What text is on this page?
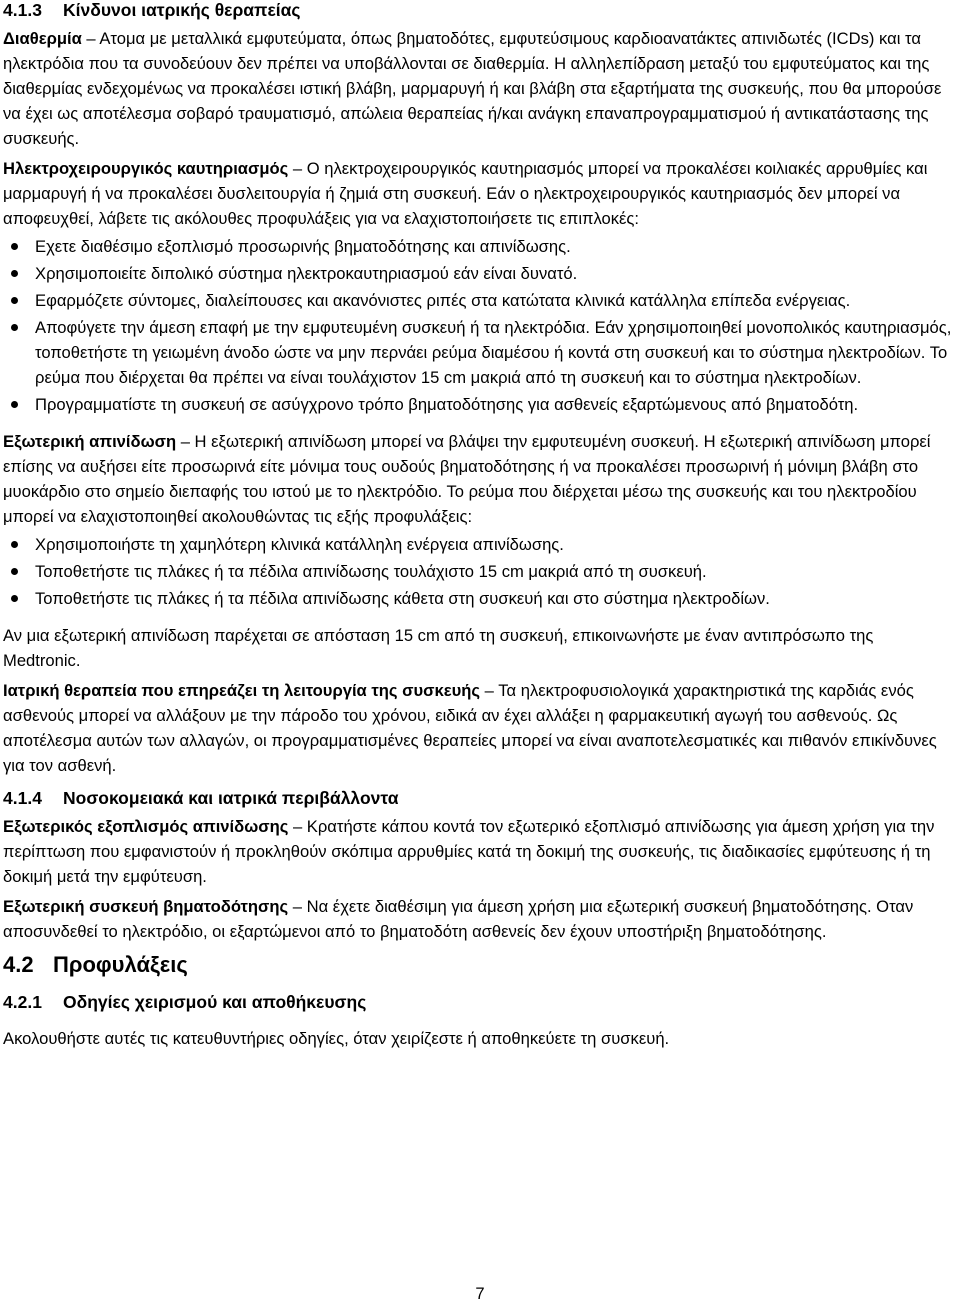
4.1.3 Κίνδυνοι ιατρικής θεραπείας

Διαθερμία – Ατομα με μεταλλικά εμφυτεύματα, όπως βηματοδότες, εμφυτεύσιμους καρδιοανατάκτες απινιδωτές (ICDs) και τα ηλεκτρόδια που τα συνοδεύουν δεν πρέπει να υποβάλλονται σε διαθερμία. Η αλληλεπίδραση μεταξύ του εμφυτεύματος και της διαθερμίας ενδεχομένως να προκαλέσει ιστική βλάβη, μαρμαρυγή ή και βλάβη στα εξαρτήματα της συσκευής, που θα μπορούσε να έχει ως αποτέλεσμα σοβαρό τραυματισμό, απώλεια θεραπείας ή/και ανάγκη επαναπρογραμματισμού ή αντικατάστασης της συσκευής.

Ηλεκτροχειρουργικός καυτηριασμός – Ο ηλεκτροχειρουργικός καυτηριασμός μπορεί να προκαλέσει κοιλιακές αρρυθμίες και μαρμαρυγή ή να προκαλέσει δυσλειτουργία ή ζημιά στη συσκευή. Εάν ο ηλεκτροχειρουργικός καυτηριασμός δεν μπορεί να αποφευχθεί, λάβετε τις ακόλουθες προφυλάξεις για να ελαχιστοποιήσετε τις επιπλοκές:

Εχετε διαθέσιμο εξοπλισμό προσωρινής βηματοδότησης και απινίδωσης.
Χρησιμοποιείτε διπολικό σύστημα ηλεκτροκαυτηριασμού εάν είναι δυνατό.
Εφαρμόζετε σύντομες, διαλείπουσες και ακανόνιστες ριπές στα κατώτατα κλινικά κατάλληλα επίπεδα ενέργειας.
Αποφύγετε την άμεση επαφή με την εμφυτευμένη συσκευή ή τα ηλεκτρόδια. Εάν χρησιμοποιηθεί μονοπολικός καυτηριασμός, τοποθετήστε τη γειωμένη άνοδο ώστε να μην περνάει ρεύμα διαμέσου ή κοντά στη συσκευή και το σύστημα ηλεκτροδίων. Το ρεύμα που διέρχεται θα πρέπει να είναι τουλάχιστον 15 cm μακριά από τη συσκευή και το σύστημα ηλεκτροδίων.
Προγραμματίστε τη συσκευή σε ασύγχρονο τρόπο βηματοδότησης για ασθενείς εξαρτώμενους από βηματοδότη.

Εξωτερική απινίδωση – Η εξωτερική απινίδωση μπορεί να βλάψει την εμφυτευμένη συσκευή. Η εξωτερική απινίδωση μπορεί επίσης να αυξήσει είτε προσωρινά είτε μόνιμα τους ουδούς βηματοδότησης ή να προκαλέσει προσωρινή ή μόνιμη βλάβη στο μυοκάρδιο στο σημείο διεπαφής του ιστού με το ηλεκτρόδιο. Το ρεύμα που διέρχεται μέσω της συσκευής και του ηλεκτροδίου μπορεί να ελαχιστοποιηθεί ακολουθώντας τις εξής προφυλάξεις:

Χρησιμοποιήστε τη χαμηλότερη κλινικά κατάλληλη ενέργεια απινίδωσης.
Τοποθετήστε τις πλάκες ή τα πέδιλα απινίδωσης τουλάχιστο 15 cm μακριά από τη συσκευή.
Τοποθετήστε τις πλάκες ή τα πέδιλα απινίδωσης κάθετα στη συσκευή και στο σύστημα ηλεκτροδίων.

Αν μια εξωτερική απινίδωση παρέχεται σε απόσταση 15 cm από τη συσκευή, επικοινωνήστε με έναν αντιπρόσωπο της Medtronic.

Ιατρική θεραπεία που επηρεάζει τη λειτουργία της συσκευής – Τα ηλεκτροφυσιολογικά χαρακτηριστικά της καρδιάς ενός ασθενούς μπορεί να αλλάξουν με την πάροδο του χρόνου, ειδικά αν έχει αλλάξει η φαρμακευτική αγωγή του ασθενούς. Ως αποτέλεσμα αυτών των αλλαγών, οι προγραμματισμένες θεραπείες μπορεί να είναι αναποτελεσματικές και πιθανόν επικίνδυνες για τον ασθενή.

4.1.4 Νοσοκομειακά και ιατρικά περιβάλλοντα

Εξωτερικός εξοπλισμός απινίδωσης – Κρατήστε κάπου κοντά τον εξωτερικό εξοπλισμό απινίδωσης για άμεση χρήση για την περίπτωση που εμφανιστούν ή προκληθούν σκόπιμα αρρυθμίες κατά τη δοκιμή της συσκευής, τις διαδικασίες εμφύτευσης ή τη δοκιμή μετά την εμφύτευση.

Εξωτερική συσκευή βηματοδότησης – Να έχετε διαθέσιμη για άμεση χρήση μια εξωτερική συσκευή βηματοδότησης. Οταν αποσυνδεθεί το ηλεκτρόδιο, οι εξαρτώμενοι από το βηματοδότη ασθενείς δεν έχουν υποστήριξη βηματοδότησης.

4.2 Προφυλάξεις
4.2.1 Οδηγίες χειρισμού και αποθήκευσης

Ακολουθήστε αυτές τις κατευθυντήριες οδηγίες, όταν χειρίζεστε ή αποθηκεύετε τη συσκευή.

7
